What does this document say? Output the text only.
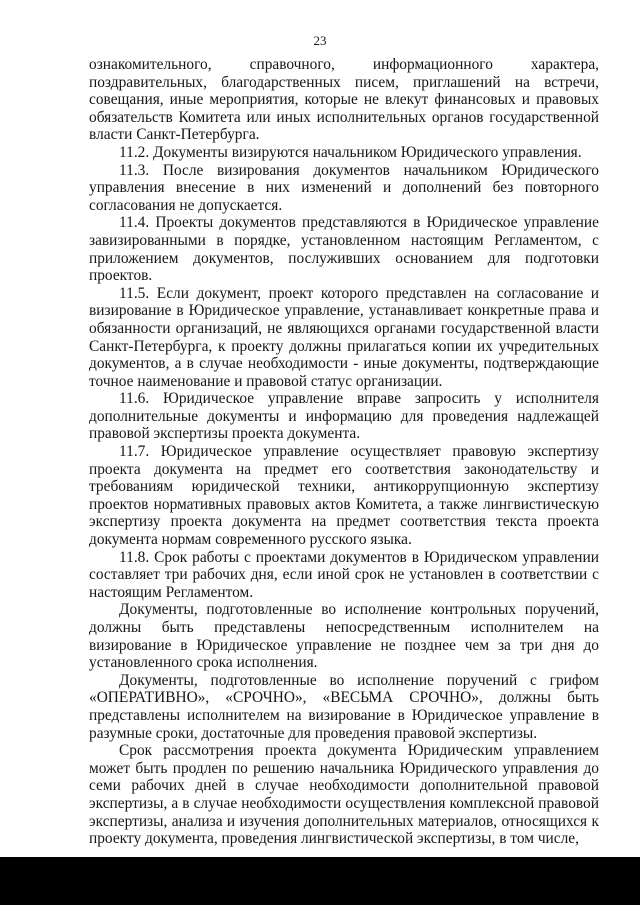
23

ознакомительного, справочного, информационного характера, поздравительных, благодарственных писем, приглашений на встречи, совещания, иные мероприятия, которые не влекут финансовых и правовых обязательств Комитета или иных исполнительных органов государственной власти Санкт-Петербурга.

11.2. Документы визируются начальником Юридического управления.

11.3. После визирования документов начальником Юридического управления внесение в них изменений и дополнений без повторного согласования не допускается.

11.4. Проекты документов представляются в Юридическое управление завизированными в порядке, установленном настоящим Регламентом, с приложением документов, послуживших основанием для подготовки проектов.

11.5. Если документ, проект которого представлен на согласование и визирование в Юридическое управление, устанавливает конкретные права и обязанности организаций, не являющихся органами государственной власти Санкт-Петербурга, к проекту должны прилагаться копии их учредительных документов, а в случае необходимости - иные документы, подтверждающие точное наименование и правовой статус организации.

11.6. Юридическое управление вправе запросить у исполнителя дополнительные документы и информацию для проведения надлежащей правовой экспертизы проекта документа.

11.7. Юридическое управление осуществляет правовую экспертизу проекта документа на предмет его соответствия законодательству и требованиям юридической техники, антикоррупционную экспертизу проектов нормативных правовых актов Комитета, а также лингвистическую экспертизу проекта документа на предмет соответствия текста проекта документа нормам современного русского языка.

11.8. Срок работы с проектами документов в Юридическом управлении составляет три рабочих дня, если иной срок не установлен в соответствии с настоящим Регламентом.

Документы, подготовленные во исполнение контрольных поручений, должны быть представлены непосредственным исполнителем на визирование в Юридическое управление не позднее чем за три дня до установленного срока исполнения.

Документы, подготовленные во исполнение поручений с грифом «ОПЕРАТИВНО», «СРОЧНО», «ВЕСЬМА СРОЧНО», должны быть представлены исполнителем на визирование в Юридическое управление в разумные сроки, достаточные для проведения правовой экспертизы.

Срок рассмотрения проекта документа Юридическим управлением может быть продлен по решению начальника Юридического управления до семи рабочих дней в случае необходимости дополнительной правовой экспертизы, а в случае необходимости осуществления комплексной правовой экспертизы, анализа и изучения дополнительных материалов, относящихся к проекту документа, проведения лингвистической экспертизы, в том числе,
